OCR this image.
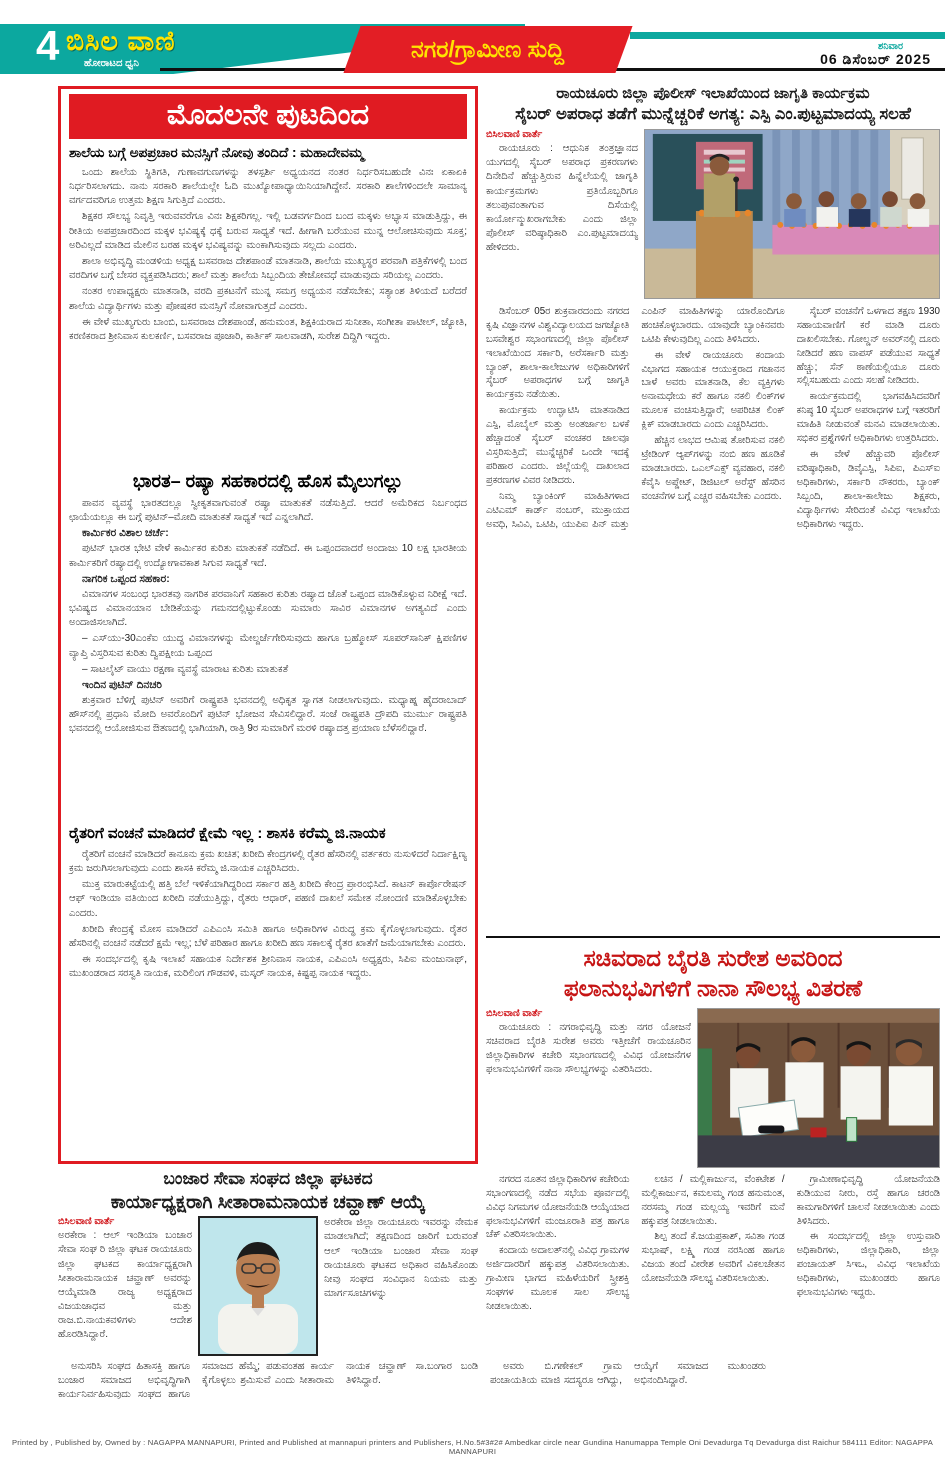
4 ಬಿಸಿಲ ವಾಣಿ
ಹೋರಾಟದ ಧ್ವನಿ
ನಗರ/ಗ್ರಾಮೀಣ ಸುದ್ದಿ	ಶನಿವಾರ
06 ಡಿಸೆಂಬರ್ 2025
ಮೊದಲನೇ ಪುಟದಿಂದ
ಶಾಲೆಯ ಬಗ್ಗೆ ಅಪಪ್ರಚಾರ ಮನಸ್ಸಿಗೆ ನೋವು ತಂದಿದೆ : ಮಹಾದೇವಮ್ಮ

ಒಂದು ಶಾಲೆಯ ಸ್ಥಿತಿಗತಿ, ಗುಣಾವಗುಣಗಳನ್ನು ತಳಸ್ಪರ್ಶಿ ಅಧ್ಯಯನದ ನಂತರ ನಿರ್ಧರಿಸಬಹುದೇ ವಿನಃ ಏಕಾಏಕಿ ನಿರ್ಧರಿಸಲಾಗದು. ನಾನು ಸರಕಾರಿ ಶಾಲೆಯಲ್ಲೇ ಓದಿ ಮುಖ್ಯೋಪಾಧ್ಯಾಯಿನಿಯಾಗಿದ್ದೇನೆ. ಸರಕಾರಿ ಶಾಲೆಗಳಿಂದಲೇ ಸಾಮಾನ್ಯ ವರ್ಗದವರಿಗೂ ಉತ್ತಮ ಶಿಕ್ಷಣ ಸಿಗುತ್ತಿದೆ ಎಂದರು.

ಶಿಕ್ಷಕರ ಸೌಲಭ್ಯ ನಿವೃತ್ತಿ ಇರುವವರೆಗೂ ವಿನಃ ಶಿಕ್ಷಕರಿಗಲ್ಲ. ಇಲ್ಲಿ ಬಡವರ್ಗದಿಂದ ಬಂದ ಮಕ್ಕಳು ಅಭ್ಯಾಸ ಮಾಡುತ್ತಿದ್ದು, ಈ ರೀತಿಯ ಅಪಪ್ರಚಾರದಿಂದ ಮಕ್ಕಳ ಭವಿಷ್ಯಕ್ಕೆ ಧಕ್ಕೆ ಬರುವ ಸಾಧ್ಯತೆ ಇದೆ. ಹೀಗಾಗಿ ಬರೆಯುವ ಮುನ್ನ ಆಲೋಚಿಸುವುದು ಸೂಕ್ತ; ಅರಿವಿಲ್ಲದೆ ಮಾಡಿದ ಮೇಲಿನ ಬರಹ ಮಕ್ಕಳ ಭವಿಷ್ಯವನ್ನು ಮಂಕಾಗಿಸುವುದು ಸಲ್ಲದು ಎಂದರು.

ಶಾಲಾ ಅಭಿವೃದ್ಧಿ ಮಂಡಳಿಯ ಅಧ್ಯಕ್ಷ ಬಸವರಾಜ ದೇಶಪಾಂಡೆ ಮಾತನಾಡಿ, ಶಾಲೆಯ ಮುಖ್ಯಸ್ಥರ ಪರವಾಗಿ ಪತ್ರಿಕೆಗಳಲ್ಲಿ ಬಂದ ವರದಿಗಳ ಬಗ್ಗೆ ಬೇಸರ ವ್ಯಕ್ತಪಡಿಸಿದರು; ಶಾಲೆ ಮತ್ತು ಶಾಲೆಯ ಸಿಬ್ಬಂದಿಯ ತೇಜೋವಧೆ ಮಾಡುವುದು ಸರಿಯಲ್ಲ ಎಂದರು.

ನಂತರ ಉಪಾಧ್ಯಕ್ಷರು ಮಾತನಾಡಿ, ವರದಿ ಪ್ರಕಟನೆಗೆ ಮುನ್ನ ಸಮಗ್ರ ಅಧ್ಯಯನ ನಡೆಸಬೇಕು; ಸತ್ಯಾಂಶ ತಿಳಿಯದೆ ಬರೆದರೆ ಶಾಲೆಯ ವಿದ್ಯಾರ್ಥಿಗಳು ಮತ್ತು ಪೋಷಕರ ಮನಸ್ಸಿಗೆ ನೋವಾಗುತ್ತದೆ ಎಂದರು.

ಈ ವೇಳೆ ಮುಖ್ಯಗುರು ಬಾಂಬಿ, ಬಸವರಾಜ ದೇಶಪಾಂಡೆ, ಹನುಮಂತ, ಶಿಕ್ಷಕಿಯರಾದ ಸುನೀತಾ, ಸಂಗೀತಾ ಪಾಟೀಲ್, ಜ್ಯೋತಿ, ಕರಣಿಕರಾದ ಶ್ರೀನಿವಾಸ ಕುಲಕರ್ಣಿ, ಬಸವರಾಜ ಪೂಜಾರಿ, ಕಾರ್ತಿಕ್ ಸಾಲವಾಡಗಿ, ಸುರೇಶ ದಿದ್ದಿಗಿ ಇದ್ದರು.

ಭಾರತ– ರಷ್ಯಾ ಸಹಕಾರದಲ್ಲಿ ಹೊಸ ಮೈಲುಗಲ್ಲು

ಪಾವನ ವ್ಯವಸ್ಥೆ ಭಾರತದಲ್ಲೂ ಸ್ವೀಕೃತವಾಗುವಂತೆ ರಷ್ಯಾ ಮಾತುಕತೆ ನಡೆಸುತ್ತಿದೆ. ಆದರೆ ಅಮೆರಿಕದ ನಿರ್ಬಂಧದ ಛಾಯೆಯಲ್ಲೂ ಈ ಬಗ್ಗೆ ಪುಟಿನ್–ಮೋದಿ ಮಾತುಕತೆ ಸಾಧ್ಯತೆ ಇದೆ ಎನ್ನಲಾಗಿದೆ.

ಕಾರ್ಮಿಕರ ವಿಶಾಲ ಚರ್ಚೆ:

ಪುಟಿನ್ ಭಾರತ ಭೇಟಿ ವೇಳೆ ಕಾರ್ಮಿಕರ ಕುರಿತು ಮಾತುಕತೆ ನಡೆದಿದೆ. ಈ ಒಪ್ಪಂದವಾದರೆ ಅಂದಾಜು 10 ಲಕ್ಷ ಭಾರತೀಯ ಕಾರ್ಮಿಕರಿಗೆ ರಷ್ಯಾದಲ್ಲಿ ಉದ್ಯೋಗಾವಕಾಶ ಸಿಗುವ ಸಾಧ್ಯತೆ ಇದೆ.

ನಾಗರಿಕ ಒಪ್ಪಂದ ಸಹಕಾರ:

ವಿಮಾನಗಳ ಸಂಬಂಧ ಭಾರತವು ನಾಗರಿಕ ಪರವಾನಿಗೆ ಸಹಕಾರ ಕುರಿತು ರಷ್ಯಾದ ಜೊತೆ ಒಪ್ಪಂದ ಮಾಡಿಕೊಳ್ಳುವ ನಿರೀಕ್ಷೆ ಇದೆ. ಭವಿಷ್ಯದ ವಿಮಾನಯಾನ ಬೇಡಿಕೆಯನ್ನು ಗಮನದಲ್ಲಿಟ್ಟುಕೊಂಡು ಸುಮಾರು ಸಾವಿರ ವಿಮಾನಗಳ ಅಗತ್ಯವಿದೆ ಎಂದು ಅಂದಾಜಿಸಲಾಗಿದೆ.

– ಎಸ್‌ಯು-30ಎಂಕೆಐ ಯುದ್ಧ ವಿಮಾನಗಳನ್ನು ಮೇಲ್ದರ್ಜೆಗೇರಿಸುವುದು ಹಾಗೂ ಬ್ರಹ್ಮೋಸ್ ಸೂಪರ್‌ಸಾನಿಕ್ ಕ್ಷಿಪಣಿಗಳ ವ್ಯಾಪ್ತಿ ವಿಸ್ತರಿಸುವ ಕುರಿತು ದ್ವಿಪಕ್ಷೀಯ ಒಪ್ಪಂದ

– ಸಾಟಲೈಟ್ ವಾಯು ರಕ್ಷಣಾ ವ್ಯವಸ್ಥೆ ಮಾರಾಟ ಕುರಿತು ಮಾತುಕತೆ

ಇಂದಿನ ಪುಟಿನ್ ದಿನಚರಿ

ಶುಕ್ರವಾರ ಬೆಳಿಗ್ಗೆ ಪುಟಿನ್ ಅವರಿಗೆ ರಾಷ್ಟ್ರಪತಿ ಭವನದಲ್ಲಿ ಅಧಿಕೃತ ಸ್ವಾಗತ ನೀಡಲಾಗುವುದು. ಮಧ್ಯಾಹ್ನ ಹೈದರಾಬಾದ್ ಹೌಸ್‌ನಲ್ಲಿ ಪ್ರಧಾನಿ ಮೋದಿ ಅವರೊಂದಿಗೆ ಪುಟಿನ್ ಭೋಜನ ಸೇವಿಸಲಿದ್ದಾರೆ. ಸಂಜೆ ರಾಷ್ಟ್ರಪತಿ ದ್ರೌಪದಿ ಮುರ್ಮು ರಾಷ್ಟ್ರಪತಿ ಭವನದಲ್ಲಿ ಆಯೋಜಿಸುವ ಔತಣದಲ್ಲಿ ಭಾಗಿಯಾಗಿ, ರಾತ್ರಿ 9ರ ಸುಮಾರಿಗೆ ಮರಳಿ ರಷ್ಯಾದತ್ತ ಪ್ರಯಾಣ ಬೆಳೆಸಲಿದ್ದಾರೆ.

ರೈತರಿಗೆ ವಂಚನೆ ಮಾಡಿದರೆ ಕ್ಷೇಮೆ ಇಲ್ಲ : ಶಾಸಕಿ ಕರೆಮ್ಮ ಜಿ.ನಾಯಕ

ರೈತರಿಗೆ ವಂಚನೆ ಮಾಡಿದರೆ ಕಾನೂನು ಕ್ರಮ ಖಚಿತ; ಖರೀದಿ ಕೇಂದ್ರಗಳಲ್ಲಿ ರೈತರ ಹೆಸರಿನಲ್ಲಿ ವರ್ತಕರು ನುಸುಳಿದರೆ ನಿರ್ದಾಕ್ಷಿಣ್ಯ ಕ್ರಮ ಜರುಗಿಸಲಾಗುವುದು ಎಂದು ಶಾಸಕಿ ಕರೆಮ್ಮ ಜಿ.ನಾಯಕ ಎಚ್ಚರಿಸಿದರು.

ಮುಕ್ತ ಮಾರುಕಟ್ಟೆಯಲ್ಲಿ ಹತ್ತಿ ಬೆಲೆ ಇಳಿಕೆಯಾಗಿದ್ದರಿಂದ ಸರ್ಕಾರ ಹತ್ತಿ ಖರೀದಿ ಕೇಂದ್ರ ಪ್ರಾರಂಭಿಸಿದೆ. ಕಾಟನ್ ಕಾರ್ಪೊರೇಷನ್ ಆಫ್ ಇಂಡಿಯಾ ವತಿಯಿಂದ ಖರೀದಿ ನಡೆಯುತ್ತಿದ್ದು, ರೈತರು ಆಧಾರ್, ಪಹಣಿ ದಾಖಲೆ ಸಮೇತ ನೋಂದಣಿ ಮಾಡಿಕೊಳ್ಳಬೇಕು ಎಂದರು.

ಖರೀದಿ ಕೇಂದ್ರಕ್ಕೆ ಮೋಸ ಮಾಡಿದರೆ ಎಪಿಎಂಸಿ ಸಮಿತಿ ಹಾಗೂ ಅಧಿಕಾರಿಗಳ ವಿರುದ್ಧ ಕ್ರಮ ಕೈಗೊಳ್ಳಲಾಗುವುದು. ರೈತರ ಹೆಸರಿನಲ್ಲಿ ವಂಚನೆ ನಡೆದರೆ ಕ್ಷಮೆ ಇಲ್ಲ; ಬೆಳೆ ಪರಿಹಾರ ಹಾಗೂ ಖರೀದಿ ಹಣ ಸಕಾಲಕ್ಕೆ ರೈತರ ಖಾತೆಗೆ ಜಮೆಯಾಗಬೇಕು ಎಂದರು.

ಈ ಸಂದರ್ಭದಲ್ಲಿ ಕೃಷಿ ಇಲಾಖೆ ಸಹಾಯಕ ನಿರ್ದೇಶಕ ಶ್ರೀನಿವಾಸ ನಾಯಕ, ಎಪಿಎಂಸಿ ಅಧ್ಯಕ್ಷರು, ಸಿಪಿಐ ಮಂಜುನಾಥ್, ಮುಖಂಡರಾದ ಸರಸ್ವತಿ ನಾಯಕ, ಮರಿಲಿಂಗ ಗೌಡವಳಿ, ಮಸ್ಕರ್ ನಾಯಕ, ಕಿಷ್ಟಪ್ಪ ನಾಯಕ ಇದ್ದರು.

ರಾಯಚೂರು ಜಿಲ್ಲಾ ಪೊಲೀಸ್ ಇಲಾಖೆಯಿಂದ ಜಾಗೃತಿ ಕಾರ್ಯಕ್ರಮ
ಸೈಬರ್ ಅಪರಾಧ ತಡೆಗೆ ಮುನ್ನೆಚ್ಚರಿಕೆ ಅಗತ್ಯ: ಎಸ್ಪಿ ಎಂ.ಪುಟ್ಟಮಾದಯ್ಯ ಸಲಹೆ
ಬಿಸಿಲವಾಣಿ ವಾರ್ತೆ

ರಾಯಚೂರು : ಆಧುನಿಕ ತಂತ್ರಜ್ಞಾನದ ಯುಗದಲ್ಲಿ ಸೈಬರ್ ಅಪರಾಧ ಪ್ರಕರಣಗಳು ದಿನೇದಿನೆ ಹೆಚ್ಚುತ್ತಿರುವ ಹಿನ್ನೆಲೆಯಲ್ಲಿ ಜಾಗೃತಿ ಕಾರ್ಯಕ್ರಮಗಳು ಪ್ರತಿಯೊಬ್ಬರಿಗೂ ತಲುಪುವಂತಾಗುವ ದಿಸೆಯಲ್ಲಿ ಕಾರ್ಯೋನ್ಮುಖರಾಗಬೇಕು ಎಂದು ಜಿಲ್ಲಾ ಪೊಲೀಸ್ ವರಿಷ್ಠಾಧಿಕಾರಿ ಎಂ.ಪುಟ್ಟಮಾದಯ್ಯ ಹೇಳಿದರು.

ಡಿಸೆಂಬರ್ 05ರ ಶುಕ್ರವಾರದಂದು ನಗರದ ಕೃಷಿ ವಿಜ್ಞಾನಗಳ ವಿಶ್ವವಿದ್ಯಾಲಯದ ಜಗಜ್ಯೋತಿ ಬಸವೇಶ್ವರ ಸಭಾಂಗಣದಲ್ಲಿ ಜಿಲ್ಲಾ ಪೊಲೀಸ್ ಇಲಾಖೆಯಿಂದ ಸರ್ಕಾರಿ, ಅರೆಸರ್ಕಾರಿ ಮತ್ತು ಬ್ಯಾಂಕ್, ಶಾಲಾ-ಕಾಲೇಜುಗಳ ಅಧಿಕಾರಿಗಳಿಗೆ ಸೈಬರ್ ಅಪರಾಧಗಳ ಬಗ್ಗೆ ಜಾಗೃತಿ ಕಾರ್ಯಕ್ರಮ ನಡೆಯಿತು.

ಕಾರ್ಯಕ್ರಮ ಉದ್ಘಾಟಿಸಿ ಮಾತನಾಡಿದ ಎಸ್ಪಿ, ಮೊಬೈಲ್ ಮತ್ತು ಅಂತರ್ಜಾಲ ಬಳಕೆ ಹೆಚ್ಚಾದಂತೆ ಸೈಬರ್ ವಂಚಕರ ಜಾಲವೂ ವಿಸ್ತರಿಸುತ್ತಿದೆ; ಮುನ್ನೆಚ್ಚರಿಕೆ ಒಂದೇ ಇದಕ್ಕೆ ಪರಿಹಾರ ಎಂದರು. ಜಿಲ್ಲೆಯಲ್ಲಿ ದಾಖಲಾದ ಪ್ರಕರಣಗಳ ವಿವರ ನೀಡಿದರು.

ನಿಮ್ಮ ಬ್ಯಾಂಕಿಂಗ್ ಮಾಹಿತಿಗಳಾದ ಎಟಿಎಮ್ ಕಾರ್ಡ್ ನಂಬರ್, ಮುಕ್ತಾಯದ ಅವಧಿ, ಸಿವಿವಿ, ಒಟಿಪಿ, ಯುಪಿಐ ಪಿನ್ ಮತ್ತು ಎಂಪಿನ್ ಮಾಹಿತಿಗಳನ್ನು ಯಾರೊಂದಿಗೂ ಹಂಚಿಕೊಳ್ಳಬಾರದು. ಯಾವುದೇ ಬ್ಯಾಂಕಿನವರು ಒಟಿಪಿ ಕೇಳುವುದಿಲ್ಲ ಎಂದು ತಿಳಿಸಿದರು.

ಈ ವೇಳೆ ರಾಯಚೂರು ಕಂದಾಯ ವಿಭಾಗದ ಸಹಾಯಕ ಆಯುಕ್ತರಾದ ಗಜಾನನ ಬಾಳೆ ಅವರು ಮಾತನಾಡಿ, ಕೆಲ ವ್ಯಕ್ತಿಗಳು ಅನಾಮಧೇಯ ಕರೆ ಹಾಗೂ ನಕಲಿ ಲಿಂಕ್‌ಗಳ ಮೂಲಕ ವಂಚಿಸುತ್ತಿದ್ದಾರೆ; ಅಪರಿಚಿತ ಲಿಂಕ್ ಕ್ಲಿಕ್ ಮಾಡಬಾರದು ಎಂದು ಎಚ್ಚರಿಸಿದರು.

ಹೆಚ್ಚಿನ ಲಾಭದ ಆಮಿಷ ತೋರಿಸುವ ನಕಲಿ ಟ್ರೇಡಿಂಗ್ ಆ್ಯಪ್‌ಗಳನ್ನು ನಂಬಿ ಹಣ ಹೂಡಿಕೆ ಮಾಡಬಾರದು. ಒಎಲ್‌ಎಕ್ಸ್ ವ್ಯವಹಾರ, ನಕಲಿ ಕೆವೈಸಿ ಅಪ್ಡೇಟ್, ಡಿಜಿಟಲ್ ಅರೆಸ್ಟ್ ಹೆಸರಿನ ವಂಚನೆಗಳ ಬಗ್ಗೆ ಎಚ್ಚರ ವಹಿಸಬೇಕು ಎಂದರು.

ಸೈಬರ್ ವಂಚನೆಗೆ ಒಳಗಾದ ತಕ್ಷಣ 1930 ಸಹಾಯವಾಣಿಗೆ ಕರೆ ಮಾಡಿ ದೂರು ದಾಖಲಿಸಬೇಕು. ಗೋಲ್ಡನ್ ಅವರ್‌ನಲ್ಲಿ ದೂರು ನೀಡಿದರೆ ಹಣ ವಾಪಸ್ ಪಡೆಯುವ ಸಾಧ್ಯತೆ ಹೆಚ್ಚು; ಸೆನ್ ಠಾಣೆಯಲ್ಲಿಯೂ ದೂರು ಸಲ್ಲಿಸಬಹುದು ಎಂದು ಸಲಹೆ ನೀಡಿದರು.

ಕಾರ್ಯಕ್ರಮದಲ್ಲಿ ಭಾಗವಹಿಸಿದವರಿಗೆ ಕನಿಷ್ಠ 10 ಸೈಬರ್ ಅಪರಾಧಗಳ ಬಗ್ಗೆ ಇತರರಿಗೆ ಮಾಹಿತಿ ನೀಡುವಂತೆ ಮನವಿ ಮಾಡಲಾಯಿತು. ಸಭಿಕರ ಪ್ರಶ್ನೆಗಳಿಗೆ ಅಧಿಕಾರಿಗಳು ಉತ್ತರಿಸಿದರು.

ಈ ವೇಳೆ ಹೆಚ್ಚುವರಿ ಪೊಲೀಸ್ ವರಿಷ್ಠಾಧಿಕಾರಿ, ಡಿವೈಎಸ್ಪಿ, ಸಿಪಿಐ, ಪಿಎಸ್ಐ ಅಧಿಕಾರಿಗಳು, ಸರ್ಕಾರಿ ನೌಕರರು, ಬ್ಯಾಂಕ್ ಸಿಬ್ಬಂದಿ, ಶಾಲಾ-ಕಾಲೇಜು ಶಿಕ್ಷಕರು, ವಿದ್ಯಾರ್ಥಿಗಳು ಸೇರಿದಂತೆ ವಿವಿಧ ಇಲಾಖೆಯ ಅಧಿಕಾರಿಗಳು ಇದ್ದರು.

ಸಚಿವರಾದ ಬೈರತಿ ಸುರೇಶ ಅವರಿಂದ
ಫಲಾನುಭವಿಗಳಿಗೆ ನಾನಾ ಸೌಲಭ್ಯ ವಿತರಣೆ
ಬಿಸಿಲವಾಣಿ ವಾರ್ತೆ

ರಾಯಚೂರು : ನಗರಾಭಿವೃದ್ಧಿ ಮತ್ತು ನಗರ ಯೋಜನೆ ಸಚಿವರಾದ ಬೈರತಿ ಸುರೇಶ ಅವರು ಇತ್ತೀಚೆಗೆ ರಾಯಚೂರಿನ ಜಿಲ್ಲಾಧಿಕಾರಿಗಳ ಕಚೇರಿ ಸಭಾಂಗಣದಲ್ಲಿ ವಿವಿಧ ಯೋಜನೆಗಳ ಫಲಾನುಭವಿಗಳಿಗೆ ನಾನಾ ಸೌಲಭ್ಯಗಳನ್ನು ವಿತರಿಸಿದರು.

ನಗರದ ನೂತನ ಜಿಲ್ಲಾಧಿಕಾರಿಗಳ ಕಚೇರಿಯ ಸಭಾಂಗಣದಲ್ಲಿ ನಡೆದ ಸಭೆಯ ಪೂರ್ವದಲ್ಲಿ ವಿವಿಧ ನಿಗಮಗಳ ಯೋಜನೆಯಡಿ ಆಯ್ಕೆಯಾದ ಫಲಾನುಭವಿಗಳಿಗೆ ಮಂಜೂರಾತಿ ಪತ್ರ ಹಾಗೂ ಚೆಕ್ ವಿತರಿಸಲಾಯಿತು.

ಕಂದಾಯ ಅದಾಲತ್‌ನಲ್ಲಿ ವಿವಿಧ ಗ್ರಾಮಗಳ ಅರ್ಜಿದಾರರಿಗೆ ಹಕ್ಕುಪತ್ರ ವಿತರಿಸಲಾಯಿತು. ಗ್ರಾಮೀಣ ಭಾಗದ ಮಹಿಳೆಯರಿಗೆ ಸ್ತ್ರೀಶಕ್ತಿ ಸಂಘಗಳ ಮೂಲಕ ಸಾಲ ಸೌಲಭ್ಯ ನೀಡಲಾಯಿತು.

ಲಚಿನ / ಮಲ್ಲಿಕಾರ್ಜುನ, ವೆಂಕಟೇಶ / ಮಲ್ಲಿಕಾರ್ಜುನ, ಕಮಲಮ್ಮ ಗಂಡ ಹನುಮಂತ, ನರಸಮ್ಮ ಗಂಡ ಮಲ್ಲಯ್ಯ ಇವರಿಗೆ ಮನೆ ಹಕ್ಕುಪತ್ರ ನೀಡಲಾಯಿತು.

ಶಿಲ್ಪ ತಂದೆ ಕೆ.ಜಯಪ್ರಕಾಶ್, ಸವಿತಾ ಗಂಡ ಸುಭಾಷ್, ಲಕ್ಷ್ಮಿ ಗಂಡ ನರಸಿಂಹ ಹಾಗೂ ವಿಜಯ ತಂದೆ ವೀರೇಶ ಅವರಿಗೆ ವಿಕಲಚೇತನ ಯೋಜನೆಯಡಿ ಸೌಲಭ್ಯ ವಿತರಿಸಲಾಯಿತು.

ಗ್ರಾಮೀಣಾಭಿವೃದ್ಧಿ ಯೋಜನೆಯಡಿ ಕುಡಿಯುವ ನೀರು, ರಸ್ತೆ ಹಾಗೂ ಚರಂಡಿ ಕಾಮಗಾರಿಗಳಿಗೆ ಚಾಲನೆ ನೀಡಲಾಯಿತು ಎಂದು ತಿಳಿಸಿದರು.

ಈ ಸಂದರ್ಭದಲ್ಲಿ ಜಿಲ್ಲಾ ಉಸ್ತುವಾರಿ ಅಧಿಕಾರಿಗಳು, ಜಿಲ್ಲಾಧಿಕಾರಿ, ಜಿಲ್ಲಾ ಪಂಚಾಯತ್ ಸಿಇಒ, ವಿವಿಧ ಇಲಾಖೆಯ ಅಧಿಕಾರಿಗಳು, ಮುಖಂಡರು ಹಾಗೂ ಫಲಾನುಭವಿಗಳು ಇದ್ದರು.

ಬಂಜಾರ ಸೇವಾ ಸಂಘದ ಜಿಲ್ಲಾ ಘಟಕದ
ಕಾರ್ಯಾಧ್ಯಕ್ಷರಾಗಿ ಸೀತಾರಾಮನಾಯಕ ಚವ್ಹಾಣ್ ಆಯ್ಕೆ
ಬಿಸಿಲವಾಣಿ ವಾರ್ತೆ

ಅರಕೇರಾ : ಆಲ್ ಇಂಡಿಯಾ ಬಂಜಾರ ಸೇವಾ ಸಂಘ ರಿ ಜಿಲ್ಲಾ ಘಟಕ ರಾಯಚೂರು ಜಿಲ್ಲಾ ಘಟಕದ ಕಾರ್ಯಾಧ್ಯಕ್ಷರಾಗಿ ಸೀತಾರಾಮನಾಯಕ ಚವ್ಹಾಣ್ ಅವರನ್ನು ಆಯ್ಕೆಮಾಡಿ ರಾಜ್ಯ ಅಧ್ಯಕ್ಷರಾದ ವಿಜಯಜಾಧವ ಮತ್ತು ರಾಜ.ಬಿ.ನಾಯಕವಳಿಗಳು ಆದೇಶ ಹೊರಡಿಸಿದ್ದಾರೆ.

ಅರಕೇರಾ ಜಿಲ್ಲಾ ರಾಯಚೂರು ಇವರನ್ನು ನೇಮಕ ಮಾಡಲಾಗಿದೆ; ತಕ್ಷಣದಿಂದ ಜಾರಿಗೆ ಬರುವಂತೆ ಆಲ್ ಇಂಡಿಯಾ ಬಂಜಾರ ಸೇವಾ ಸಂಘ ರಾಯಚೂರು ಘಟಕದ ಅಧಿಕಾರ ವಹಿಸಿಕೊಂಡು ನೀವು ಸಂಘದ ಸಂವಿಧಾನ ನಿಯಮ ಮತ್ತು ಮಾರ್ಗಸೂಚಿಗಳನ್ನು

ಅನುಸರಿಸಿ ಸಂಘದ ಹಿತಾಸಕ್ತಿ ಹಾಗೂ ಬಂಜಾರ ಸಮಾಜದ ಅಭಿವೃದ್ಧಿಗಾಗಿ ಕಾರ್ಯನಿರ್ವಹಿಸುವುದು ಸಂಘದ ಹಾಗೂ ಸಮಾಜದ ಹೆಮ್ಮೆ; ಪಡುವಂತಹ ಕಾರ್ಯ ಕೈಗೊಳ್ಳಲು ಶ್ರಮಿಸುವೆ ಎಂದು ಸೀತಾರಾಮ ನಾಯಕ ಚವ್ಹಾಣ್ ಸಾ.ಬಂಗಾರ ಬಂಡಿ ತಿಳಿಸಿದ್ದಾರೆ.

ಅವರು ಬಿ.ಗಣೇಕಲ್ ಗ್ರಾಮ ಪಂಚಾಯತಿಯ ಮಾಜಿ ಸದಸ್ಯರೂ ಆಗಿದ್ದು, ಆಯ್ಕೆಗೆ ಸಮಾಜದ ಮುಖಂಡರು ಅಭಿನಂದಿಸಿದ್ದಾರೆ.

Printed by , Published by, Owned by : NAGAPPA MANNAPURI, Printed and Published at mannapuri printers and Publishers, H.No.5#3#2# Ambedkar circle near Gundina Hanumappa Temple Oni Devadurga Tq Devadurga dist Raichur 584111 Editor: NAGAPPA MANNAPURI
